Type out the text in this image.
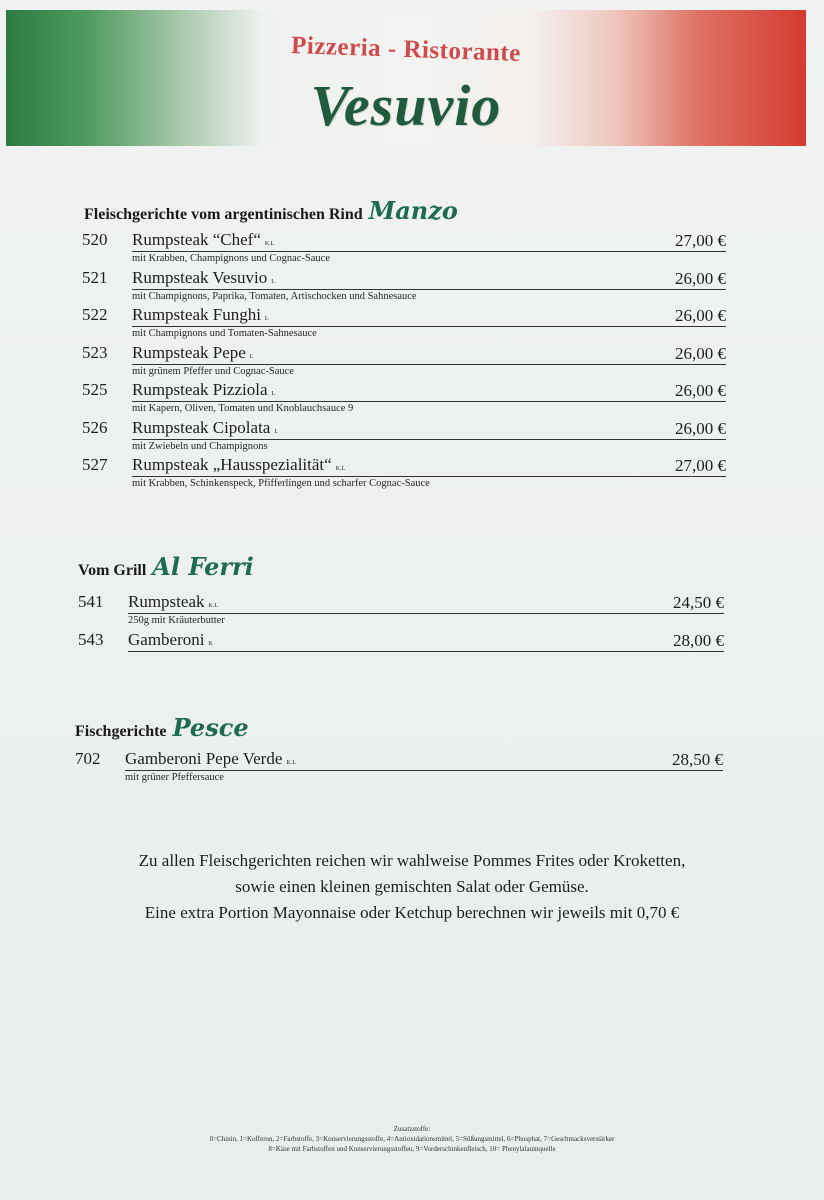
Pizzeria - Ristorante
Vesuvio
Fleischgerichte vom argentinischen Rind Manzo
520 Rumpsteak “Chef“ K.L	27,00 €
mit Krabben, Champignons und Cognac-Sauce
521 Rumpsteak Vesuvio L	26,00 €
mit Champignons, Paprika, Tomaten, Artischocken und Sahnesauce
522 Rumpsteak Funghi L	26,00 €
mit Champignons und Tomaten-Sahnesauce
523 Rumpsteak Pepe L	26,00 €
mit grünem Pfeffer und Cognac-Sauce
525 Rumpsteak Pizziola L	26,00 €
mit Kapern, Oliven, Tomaten und Knoblauchsauce 9
526 Rumpsteak Cipolata L	26,00 €
mit Zwiebeln und Champignons
527 Rumpsteak „Hausspezialität“ K.L	27,00 €
mit Krabben, Schinkenspeck, Pfifferlingen und scharfer Cognac-Sauce
Vom Grill Al Ferri
541 Rumpsteak K.L	24,50 €
250g mit Kräuterbutter
543 Gamberoni K	28,00 €
Fischgerichte Pesce
702 Gamberoni Pepe Verde K.L	28,50 €
mit grüner Pfeffersauce
Zu allen Fleischgerichten reichen wir wahlweise Pommes Frites oder Kroketten,
sowie einen kleinen gemischten Salat oder Gemüse.
Eine extra Portion Mayonnaise oder Ketchup berechnen wir jeweils mit 0,70 €
Zusatzstoffe:
0=Chinin, 1=Kofferon, 2=Farbstoffe, 3=Konservierungsstoffe, 4=Antioxidationsmittel, 5=Süßungsmittel, 6=Phosphat, 7=Geschmacksverstärker
8=Käse mit Farbstoffen und Konservierungsstoffen, 9=Vorderschinkenfleisch, 10= Phenylalaninquelle
